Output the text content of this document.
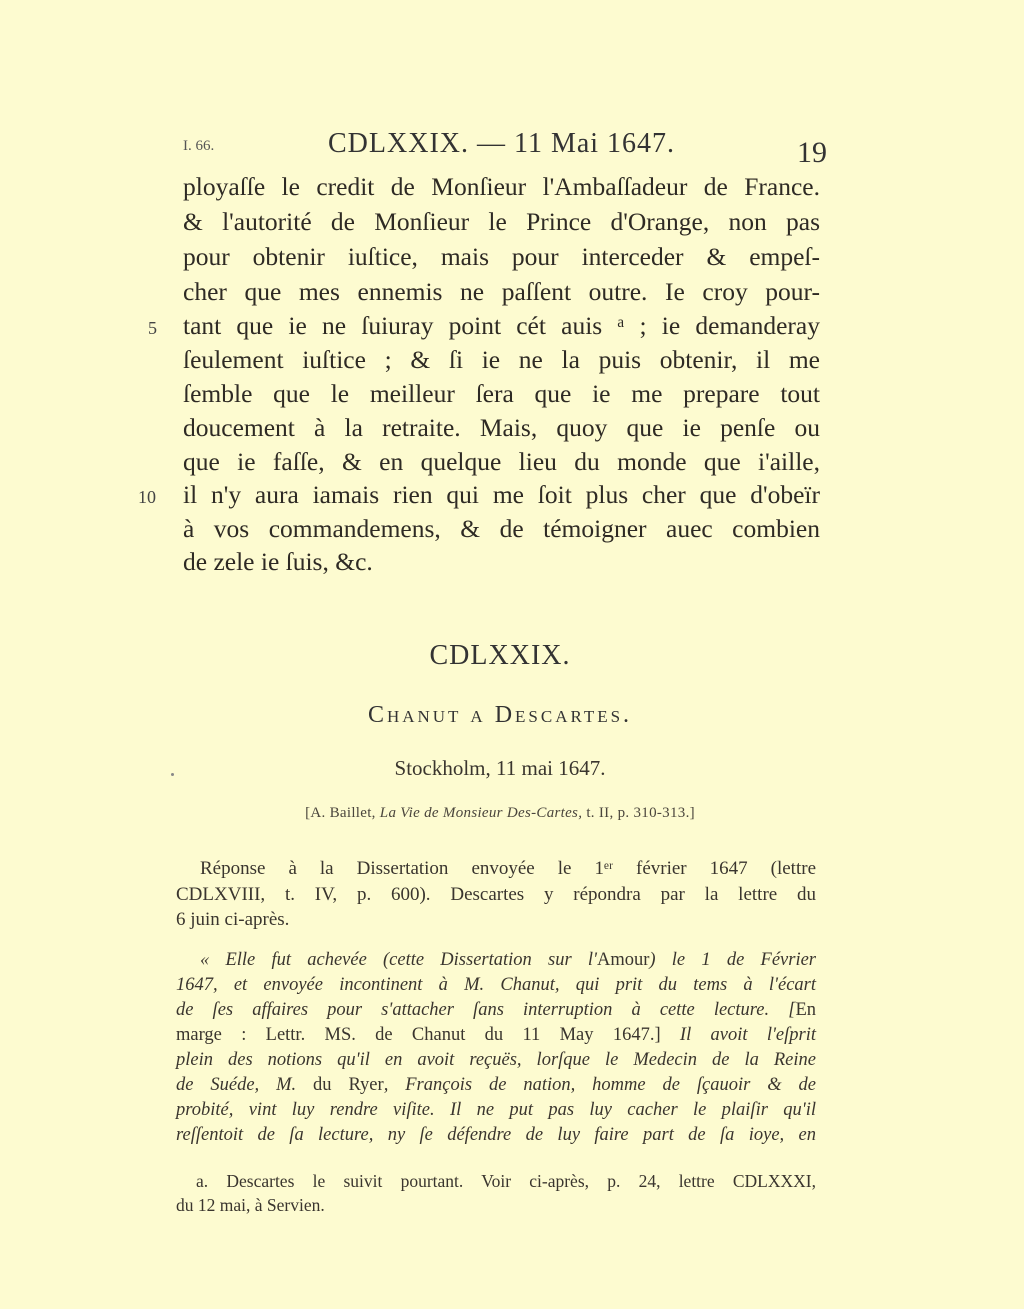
I. 66.	CDLXXIX. — 11 Mai 1647.	19
ployaſſe le credit de Monſieur l'Ambaſſadeur de France.
& l'autorité de Monſieur le Prince d'Orange, non pas
pour obtenir iuſtice, mais pour interceder & empeſ-
cher que mes ennemis ne paſſent outre. Ie croy pour-
tant que ie ne ſuiuray point cét auis ᵃ ; ie demanderay
ſeulement iuſtice ; & ſi ie ne la puis obtenir, il me
ſemble que le meilleur ſera que ie me prepare tout
doucement à la retraite. Mais, quoy que ie penſe ou
que ie faſſe, & en quelque lieu du monde que i'aille,
il n'y aura iamais rien qui me ſoit plus cher que d'obeïr
à vos commandemens, & de témoigner auec combien
de zele ie ſuis, &c.
5
10
CDLXXIX.
Chanut a Descartes.
Stockholm, 11 mai 1647.
[A. Baillet, La Vie de Monsieur Des-Cartes, t. II, p. 310-313.]
Réponse à la Dissertation envoyée le 1ᵉʳ février 1647 (lettre
CDLXVIII, t. IV, p. 600). Descartes y répondra par la lettre du
6 juin ci-après.
« Elle fut achevée (cette Dissertation sur l'Amour) le 1 de Février
1647, et envoyée incontinent à M. Chanut, qui prit du tems à l'écart
de ſes affaires pour s'attacher ſans interruption à cette lecture. [En
marge : Lettr. MS. de Chanut du 11 May 1647.] Il avoit l'eſprit
plein des notions qu'il en avoit reçuës, lorſque le Medecin de la Reine
de Suéde, M. du Ryer, François de nation, homme de ſçauoir & de
probité, vint luy rendre viſite. Il ne put pas luy cacher le plaiſir qu'il
reſſentoit de ſa lecture, ny ſe défendre de luy faire part de ſa ioye, en
a. Descartes le suivit pourtant. Voir ci-après, p. 24, lettre CDLXXXI,
du 12 mai, à Servien.
